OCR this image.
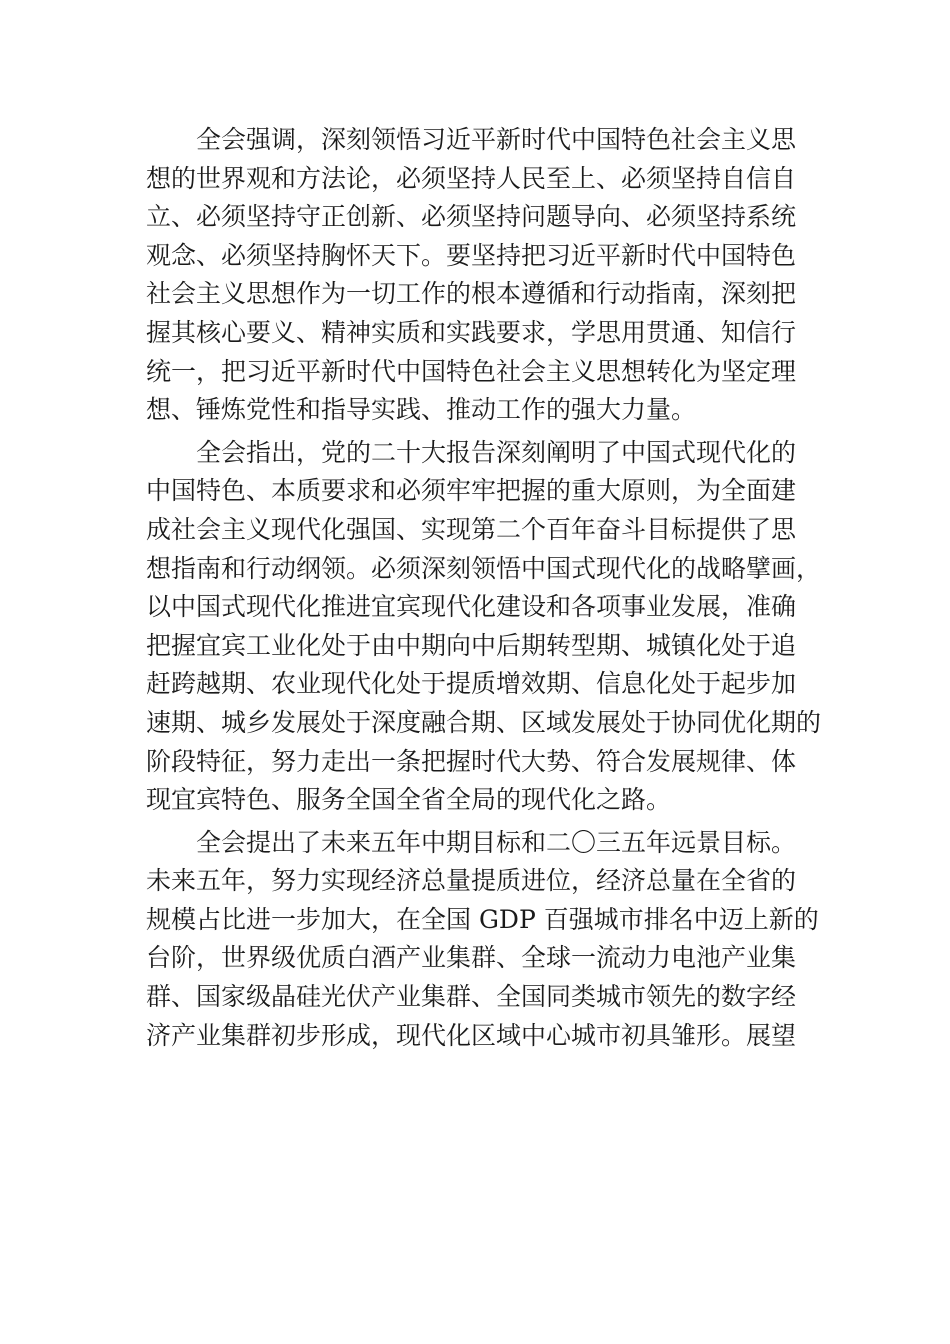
全会强调，深刻领悟习近平新时代中国特色社会主义思
想的世界观和方法论，必须坚持人民至上、必须坚持自信自
立、必须坚持守正创新、必须坚持问题导向、必须坚持系统
观念、必须坚持胸怀天下。要坚持把习近平新时代中国特色
社会主义思想作为一切工作的根本遵循和行动指南，深刻把
握其核心要义、精神实质和实践要求，学思用贯通、知信行
统一，把习近平新时代中国特色社会主义思想转化为坚定理
想、锤炼党性和指导实践、推动工作的强大力量。
全会指出，党的二十大报告深刻阐明了中国式现代化的
中国特色、本质要求和必须牢牢把握的重大原则，为全面建
成社会主义现代化强国、实现第二个百年奋斗目标提供了思
想指南和行动纲领。必须深刻领悟中国式现代化的战略擘画，
以中国式现代化推进宜宾现代化建设和各项事业发展，准确
把握宜宾工业化处于由中期向中后期转型期、城镇化处于追
赶跨越期、农业现代化处于提质增效期、信息化处于起步加
速期、城乡发展处于深度融合期、区域发展处于协同优化期的
阶段特征，努力走出一条把握时代大势、符合发展规律、体
现宜宾特色、服务全国全省全局的现代化之路。
全会提出了未来五年中期目标和二〇三五年远景目标。
未来五年，努力实现经济总量提质进位，经济总量在全省的
规模占比进一步加大，在全国 GDP 百强城市排名中迈上新的
台阶，世界级优质白酒产业集群、全球一流动力电池产业集
群、国家级晶硅光伏产业集群、全国同类城市领先的数字经
济产业集群初步形成，现代化区域中心城市初具雏形。展望
